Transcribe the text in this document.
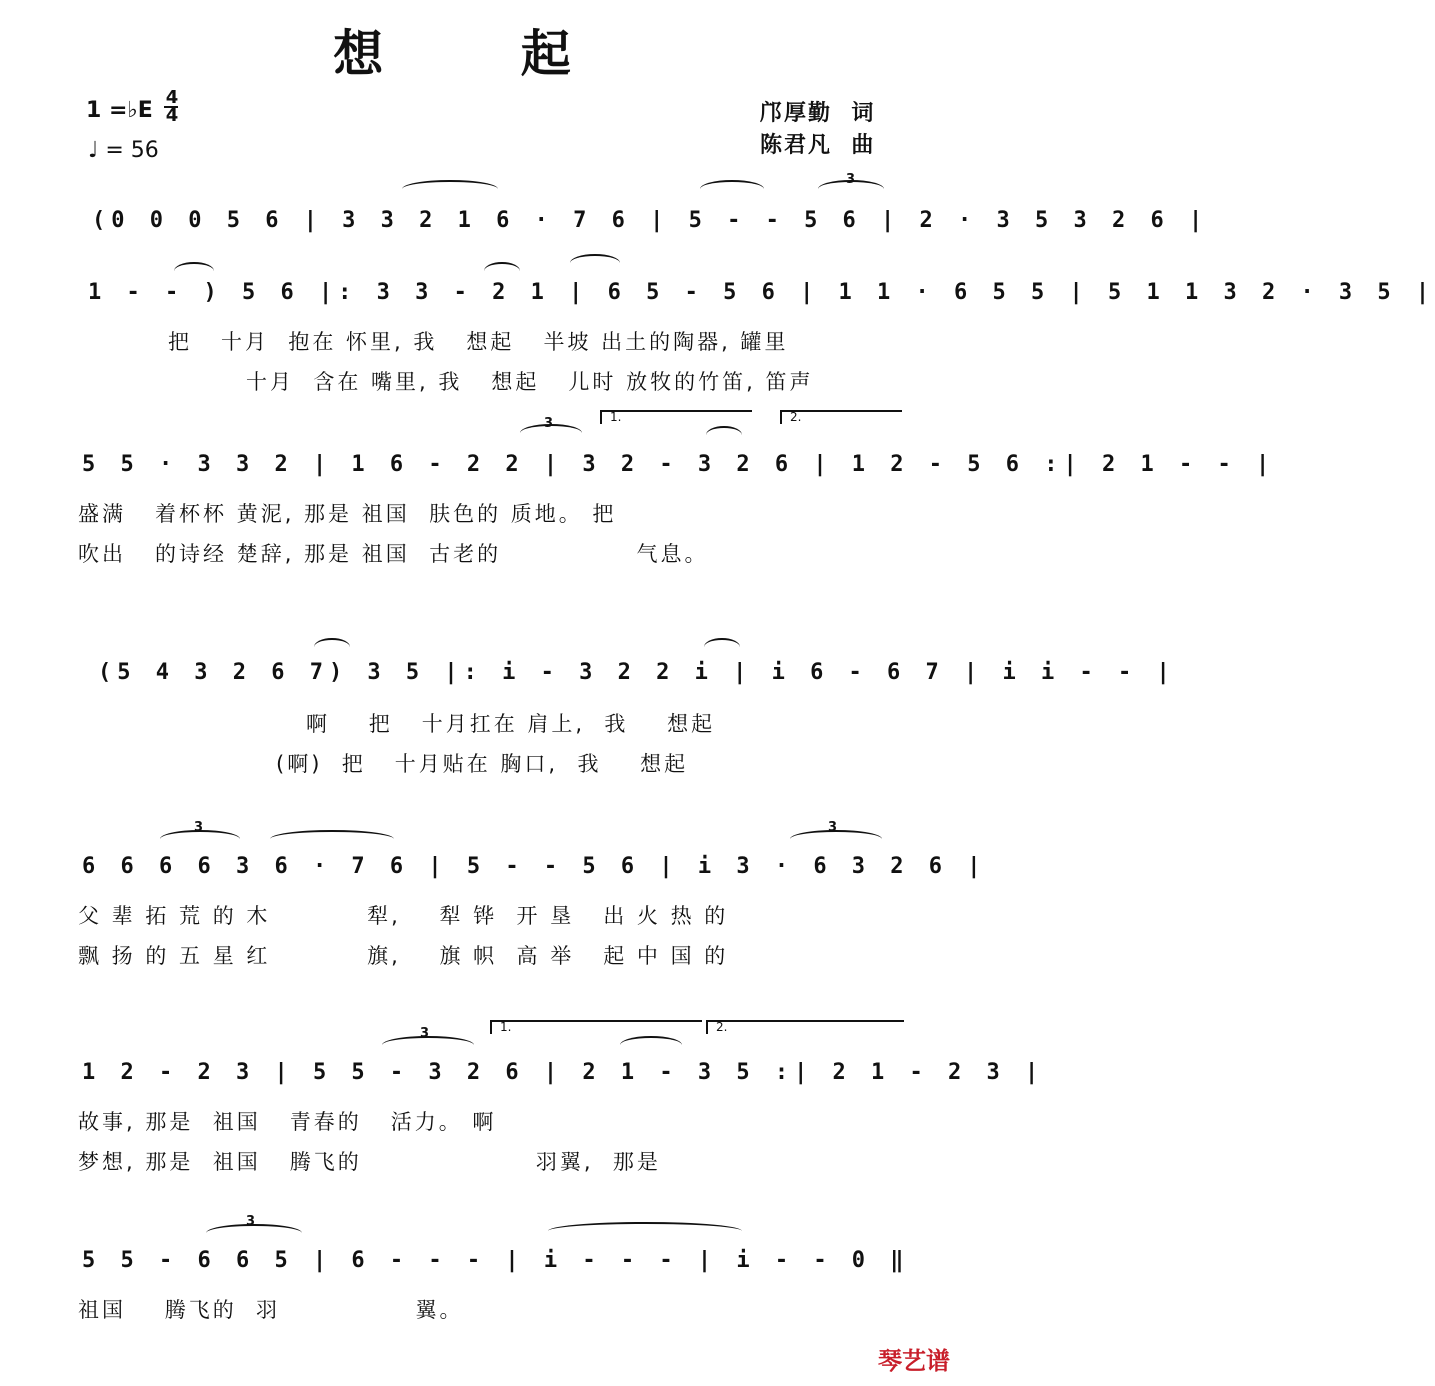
想 起
1 =♭E
4

4
♩ = 56
邝厚勤  词
陈君凡  曲
(0 0 0 5 6 | 3 3 2 1 6 · 7 6 | 5 - - 5 6 | 2 · 3 5 3 2 6 |
3
1 - - ) 5 6 |: 3 3 - 2 1 | 6 5 - 5 6 | 1 1 · 6 5 5 | 5 1 1 3 2 · 3 5 |
把   十月  抱在 怀里, 我   想起   半坡 出土的陶器, 罐里
十月  含在 嘴里, 我   想起   儿时 放牧的竹笛, 笛声
5 5 · 3 3 2 | 1 6 - 2 2 | 3 2 - 3 2 6 | 1 2 - 5 6 :| 2 1 - - |
3	1.	2.
盛满   着杯杯 黄泥, 那是 祖国  肤色的 质地。 把
吹出   的诗经 楚辞, 那是 祖国  古老的              气息。
(5 4 3 2 6 7) 3 5 |: i - 3 2 2 i | i 6 - 6 7 | i i - - |
啊    把   十月扛在 肩上,  我    想起
(啊)  把   十月贴在 胸口,  我    想起
6 6 6 6 3 6 · 7 6 | 5 - - 5 6 | i 3 · 6 3 2 6 |
3	3
父 辈 拓 荒 的 木          犁,    犁 铧  开 垦   出 火 热 的
飘 扬 的 五 星 红          旗,    旗 帜  高 举   起 中 国 的
1 2 - 2 3 | 5 5 - 3 2 6 | 2 1 - 3 5 :| 2 1 - 2 3 |
3	1.	2.
故事, 那是  祖国   青春的   活力。 啊
梦想, 那是  祖国   腾飞的                  羽翼,  那是
5 5 - 6 6 5 | 6 - - - | i - - - | i - - 0 ‖
3
祖国    腾飞的  羽              翼。
琴艺谱
